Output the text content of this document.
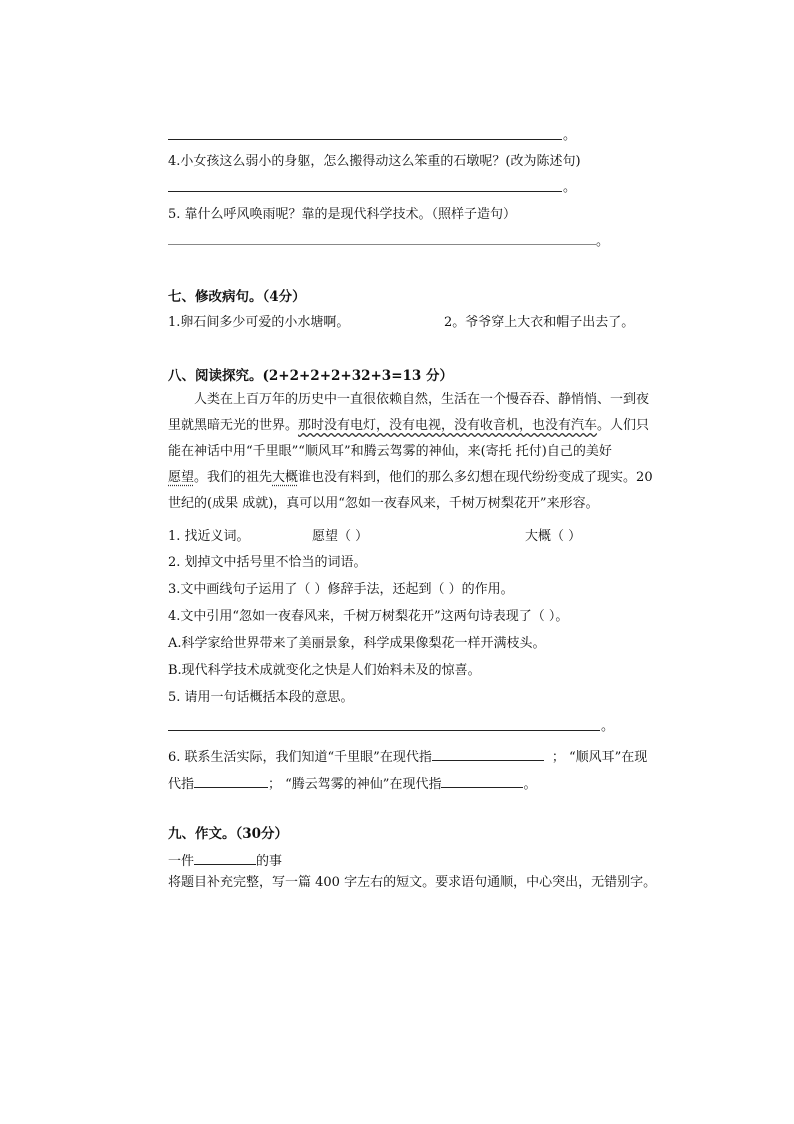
。
4.小女孩这么弱小的身躯，怎么搬得动这么笨重的石墩呢？(改为陈述句)
。
5. 靠什么呼风唤雨呢？靠的是现代科学技术。（照样子造句）
。
七、修改病句。（4分）
1.卵石间多少可爱的小水塘啊。	2。爷爷穿上大衣和帽子出去了。
八、阅读探究。(2+2+2+2+32+3=13 分）
人类在上百万年的历史中一直很依赖自然，生活在一个慢吞吞、静悄悄、一到夜
里就黑暗无光的世界。那时没有电灯，没有电视，没有收音机，也没有汽车。人们只
能在神话中用“千里眼”“顺风耳”和腾云驾雾的神仙，来(寄托 托付)自己的美好
愿望。我们的祖先大概谁也没有料到，他们的那么多幻想在现代纷纷变成了现实。20
世纪的(成果 成就)，真可以用“忽如一夜春风来，千树万树梨花开”来形容。
1. 找近义词。	愿望（ ）	大概（ ）
2. 划掉文中括号里不恰当的词语。
3.文中画线句子运用了（ ）修辞手法，还起到（ ）的作用。
4.文中引用“忽如一夜春风来，千树万树梨花开”这两句诗表现了（ ）。
A.科学家给世界带来了美丽景象，科学成果像梨花一样开满枝头。
B.现代科学技术成就变化之快是人们始料未及的惊喜。
5. 请用一句话概括本段的意思。
。
6. 联系生活实际，我们知道“千里眼”在现代指	； “顺风耳”在现
代指	； “腾云驾雾的神仙”在现代指	。
九、作文。（30分）
一件	的事
将题目补充完整，写一篇 400 字左右的短文。要求语句通顺，中心突出，无错别字。
